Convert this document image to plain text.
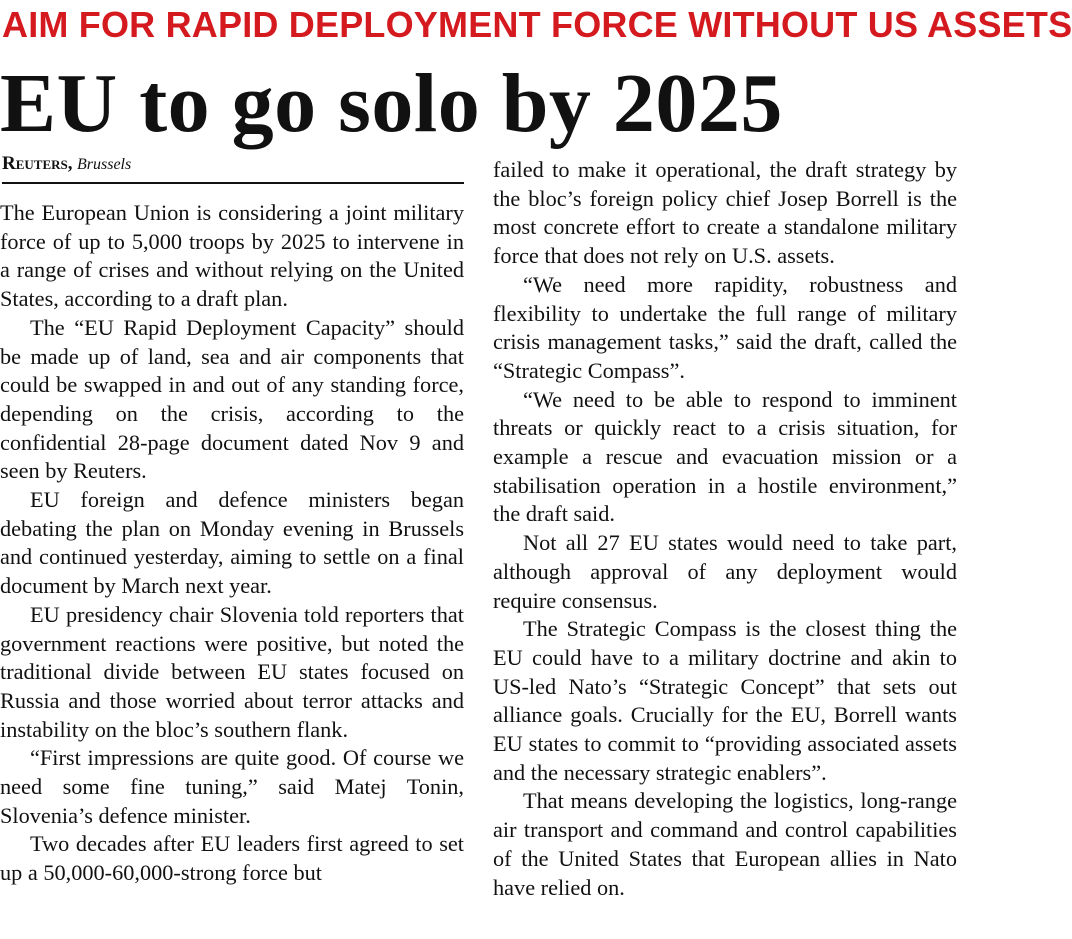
AIM FOR RAPID DEPLOYMENT FORCE WITHOUT US ASSETS
EU to go solo by 2025
Reuters, Brussels

The European Union is considering a joint military force of up to 5,000 troops by 2025 to intervene in a range of crises and without relying on the United States, according to a draft plan.

The “EU Rapid Deployment Capacity” should be made up of land, sea and air components that could be swapped in and out of any standing force, depending on the crisis, according to the confidential 28-page document dated Nov 9 and seen by Reuters.

EU foreign and defence ministers began debating the plan on Monday evening in Brussels and continued yesterday, aiming to settle on a final document by March next year.

EU presidency chair Slovenia told reporters that government reactions were positive, but noted the traditional divide between EU states focused on Russia and those worried about terror attacks and instability on the bloc’s southern flank.

“First impressions are quite good. Of course we need some fine tuning,” said Matej Tonin, Slovenia’s defence minister.

Two decades after EU leaders first agreed to set up a 50,000-60,000-strong force but

failed to make it operational, the draft strategy by the bloc’s foreign policy chief Josep Borrell is the most concrete effort to create a standalone military force that does not rely on U.S. assets.

“We need more rapidity, robustness and flexibility to undertake the full range of military crisis management tasks,” said the draft, called the “Strategic Compass”.

“We need to be able to respond to imminent threats or quickly react to a crisis situation, for example a rescue and evacuation mission or a stabilisation operation in a hostile environment,” the draft said.

Not all 27 EU states would need to take part, although approval of any deployment would require consensus.

The Strategic Compass is the closest thing the EU could have to a military doctrine and akin to US-led Nato’s “Strategic Concept” that sets out alliance goals. Crucially for the EU, Borrell wants EU states to commit to “providing associated assets and the necessary strategic enablers”.

That means developing the logistics, long-range air transport and command and control capabilities of the United States that European allies in Nato have relied on.
